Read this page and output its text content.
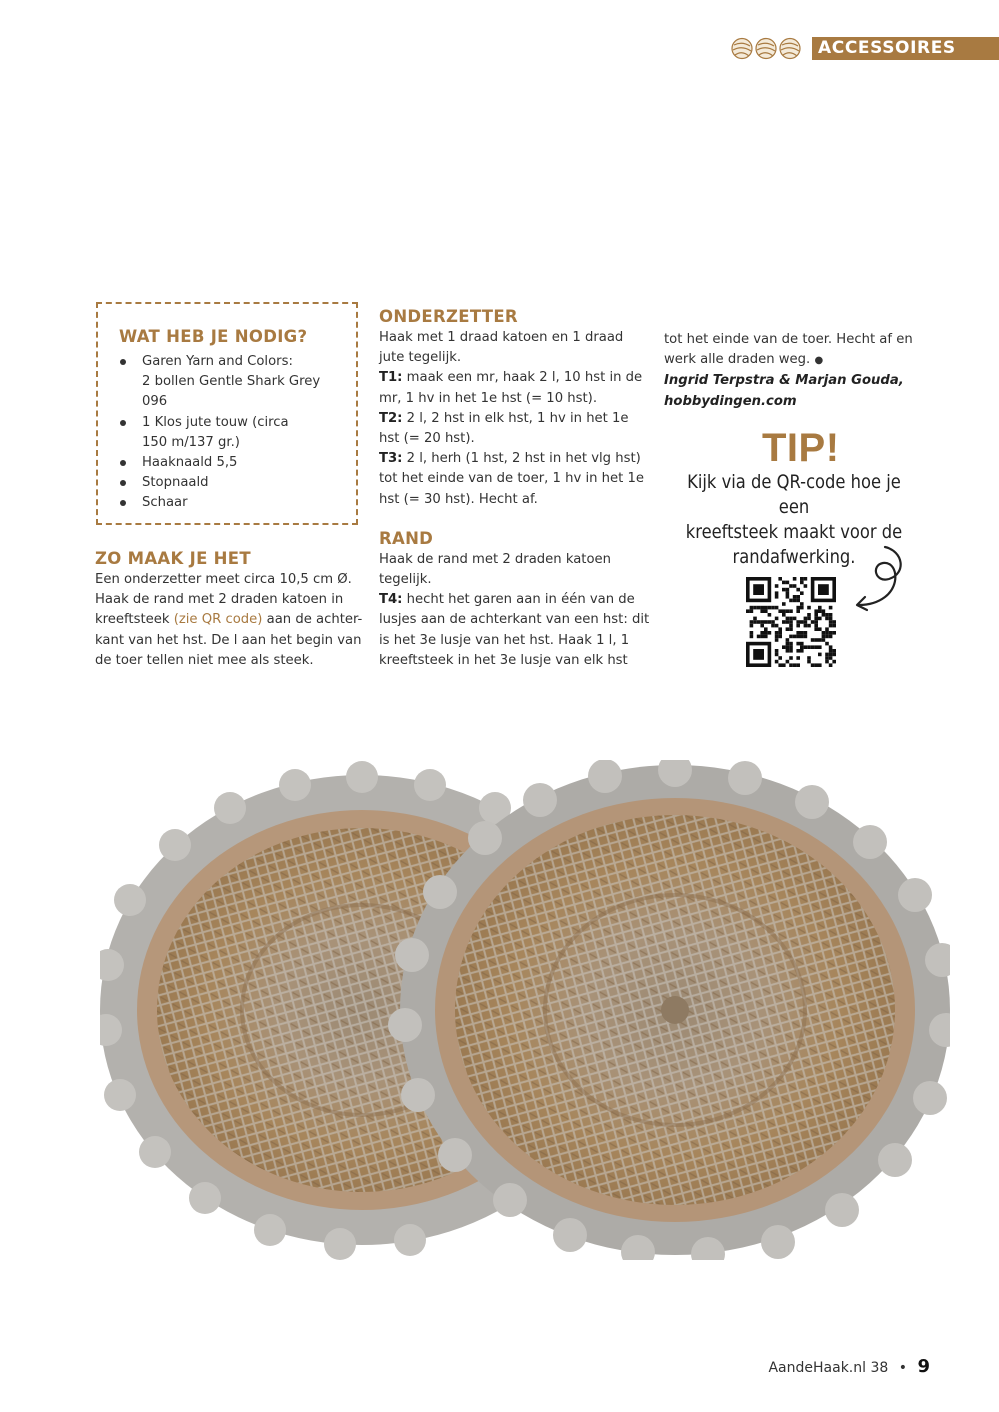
ACCESSOIRES
WAT HEB JE NODIG?
Garen Yarn and Colors:
2 bollen Gentle Shark Grey
096
1 Klos jute touw (circa
150 m/137 gr.)
Haaknaald 5,5
Stopnaald
Schaar
ZO MAAK JE HET

Een onderzetter meet circa 10,5 cm Ø.
Haak de rand met 2 draden katoen in
kreeftsteek (zie QR code) aan de achter-
kant van het hst. De l aan het begin van
de toer tellen niet mee als steek.

ONDERZETTER

Haak met 1 draad katoen en 1 draad jute tegelijk.

T1: maak een mr, haak 2 l, 10 hst in de mr, 1 hv in het 1e hst (= 10 hst).

T2: 2 l, 2 hst in elk hst, 1 hv in het 1e hst (= 20 hst).

T3: 2 l, herh (1 hst, 2 hst in het vlg hst) tot het einde van de toer, 1 hv in het 1e hst (= 30 hst). Hecht af.

RAND

Haak de rand met 2 draden katoen tegelijk.

T4: hecht het garen aan in één van de lusjes aan de achterkant van een hst: dit is het 3e lusje van het hst. Haak 1 l, 1 kreeftsteek in het 3e lusje van elk hst

tot het einde van de toer. Hecht af en werk alle draden weg. ●

Ingrid Terpstra & Marjan Gouda,

hobbydingen.com

TIP!
Kijk via de QR-code hoe je een
kreeftsteek maakt voor de
randafwerking.
AandeHaak.nl 38 • 9
